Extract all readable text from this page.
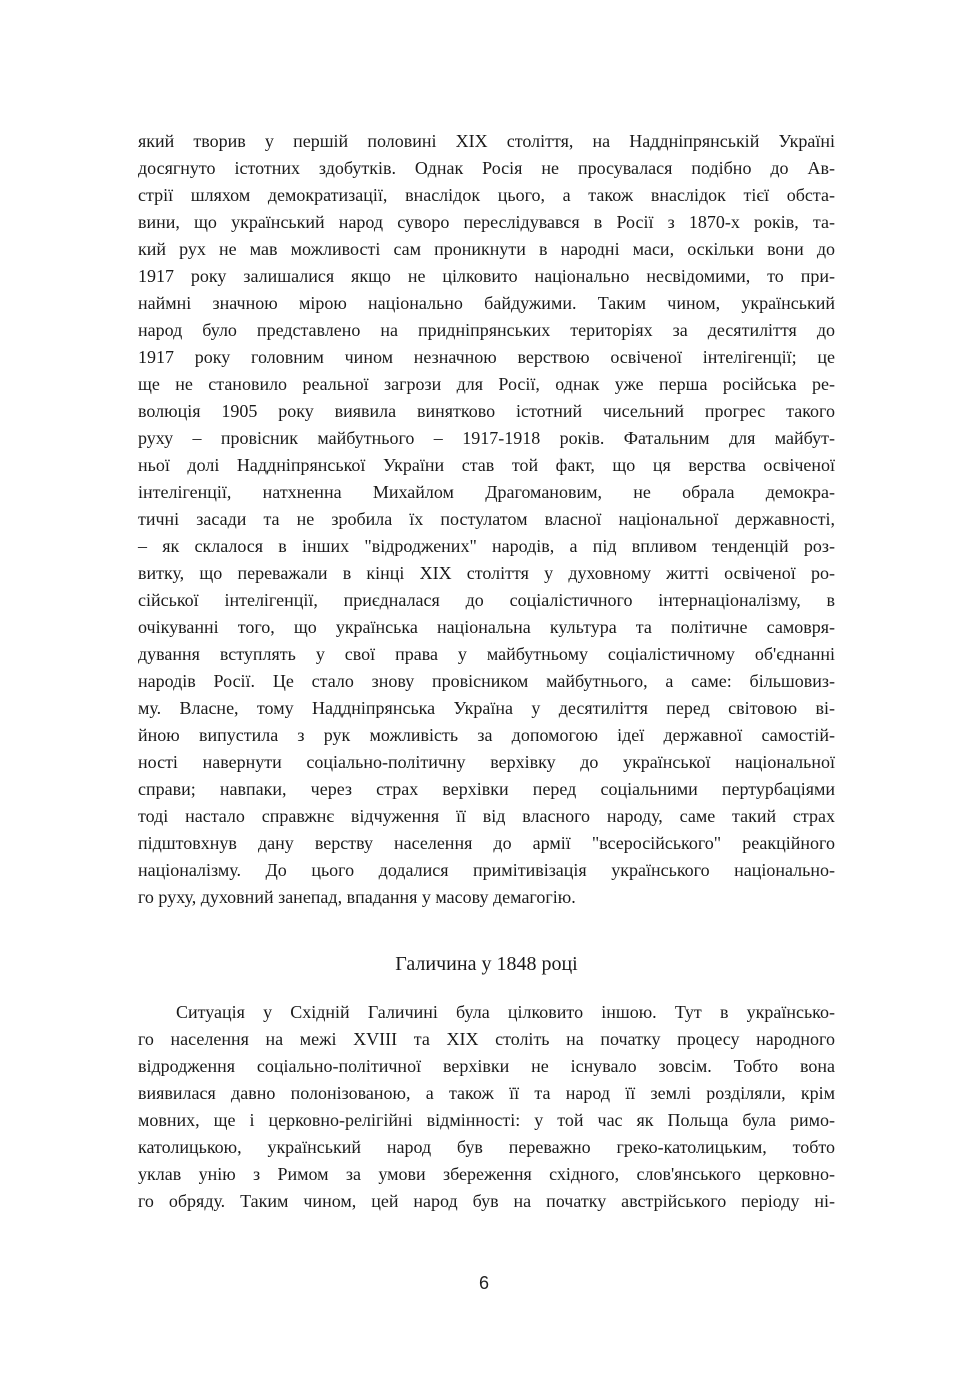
який творив у першій половині XIX століття, на Наддніпрянській Україні
досягнуто істотних здобутків. Однак Росія не просувалася подібно до Ав-
стрії шляхом демократизації, внаслідок цього, а також внаслідок тієї обста-
вини, що український народ суворо переслідувався в Росії з 1870-х років, та-
кий рух не мав можливості сам проникнути в народні маси, оскільки вони до
1917 року залишалися якщо не цілковито національно несвідомими, то при-
наймні значною мірою національно байдужими. Таким чином, український
народ було представлено на придніпрянських територіях за десятиліття до
1917 року головним чином незначною верствою освіченої інтелігенції; це
ще не становило реальної загрози для Росії, однак уже перша російська ре-
волюція 1905 року виявила винятково істотний чисельний прогрес такого
руху – провісник майбутнього – 1917-1918 років. Фатальним для майбут-
ньої долі Наддніпрянської України став той факт, що ця верства освіченої
інтелігенції, натхненна Михайлом Драгомановим, не обрала демокра-
тичні засади та не зробила їх постулатом власної національної державності,
– як склалося в інших "відроджених" народів, а під впливом тенденцій роз-
витку, що переважали в кінці XIX століття у духовному житті освіченої ро-
сійської інтелігенції, приєдналася до соціалістичного інтернаціоналізму, в
очікуванні того, що українська національна культура та політичне самовря-
дування вступлять у свої права у майбутньому соціалістичному об'єднанні
народів Росії. Це стало знову провісником майбутнього, а саме: більшовиз-
му. Власне, тому Наддніпрянська Україна у десятиліття перед світовою ві-
йною випустила з рук можливість за допомогою ідеї державної самостій-
ності навернути соціально-політичну верхівку до української національної
справи; навпаки, через страх верхівки перед соціальними пертурбаціями
тоді настало справжнє відчуження її від власного народу, саме такий страх
підштовхнув дану верству населення до армії "всеросійського" реакційного
націоналізму. До цього додалися примітивізація українського національно-
го руху, духовний занепад, впадання у масову демагогію.
Галичина у 1848 році
Ситуація у Східній Галичині була цілковито іншою. Тут в українсько-
го населення на межі XVIII та XIX століть на початку процесу народного
відродження соціально-політичної верхівки не існувало зовсім. Тобто вона
виявилася давно полонізованою, а також її та народ її землі розділяли, крім
мовних, ще і церковно-релігійні відмінності: у той час як Польща була римо-
католицькою, український народ був переважно греко-католицьким, тобто
уклав унію з Римом за умови збереження східного, слов'янського церковно-
го обряду. Таким чином, цей народ був на початку австрійського періоду ні-
6
